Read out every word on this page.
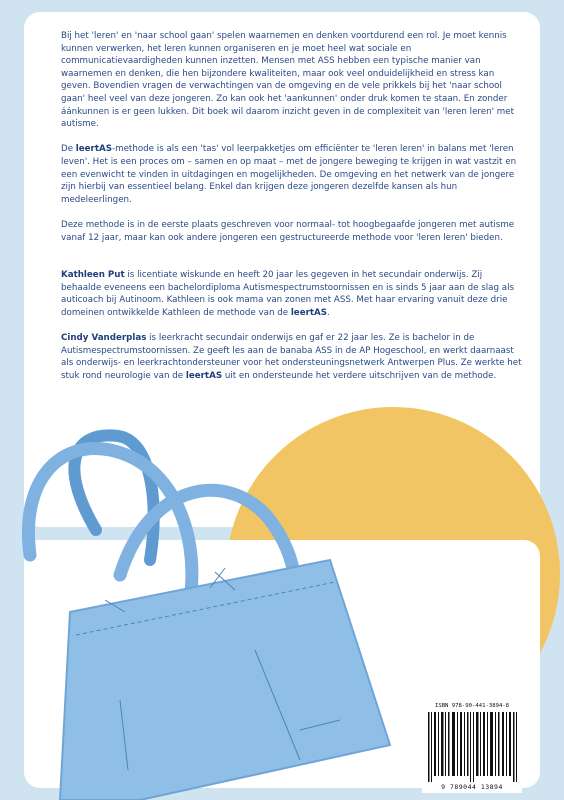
Bij het 'leren' en 'naar school gaan' spelen waarnemen en denken voortdurend een rol. Je moet kennis kunnen verwerken, het leren kunnen organiseren en je moet heel wat sociale en communicatievaardigheden kunnen inzetten. Mensen met ASS hebben een typische manier van waarnemen en denken, die hen bijzondere kwaliteiten, maar ook veel onduidelijkheid en stress kan geven. Bovendien vragen de verwachtingen van de omgeving en de vele prikkels bij het 'naar school gaan' heel veel van deze jongeren. Zo kan ook het 'aankunnen' onder druk komen te staan. En zonder áánkunnen is er geen lukken. Dit boek wil daarom inzicht geven in de complexiteit van 'leren leren' met autisme.

De leertAS-methode is als een 'tas' vol leerpakketjes om efficiënter te 'leren leren' in balans met 'leren leven'. Het is een proces om – samen en op maat – met de jongere beweging te krijgen in wat vastzit en een evenwicht te vinden in uitdagingen en mogelijkheden. De omgeving en het netwerk van de jongere zijn hierbij van essentieel belang. Enkel dan krijgen deze jongeren dezelfde kansen als hun medeleerlingen.

Deze methode is in de eerste plaats geschreven voor normaal- tot hoogbegaafde jongeren met autisme vanaf 12 jaar, maar kan ook andere jongeren een gestructureerde methode voor 'leren leren' bieden.

Kathleen Put is licentiate wiskunde en heeft 20 jaar les gegeven in het secundair onderwijs. Zij behaalde eveneens een bachelordiploma Autismespectrumstoornissen en is sinds 5 jaar aan de slag als auticoach bij Autinoom. Kathleen is ook mama van zonen met ASS. Met haar ervaring vanuit deze drie domeinen ontwikkelde Kathleen de methode van de leertAS.

Cindy Vanderplas is leerkracht secundair onderwijs en gaf er 22 jaar les. Ze is bachelor in de Autismespectrumstoornissen. Ze geeft les aan de banaba ASS in de AP Hogeschool, en werkt daarnaast als onderwijs- en leerkrachtondersteuner voor het ondersteuningsnetwerk Antwerpen Plus. Ze werkte het stuk rond neurologie van de leertAS uit en ondersteunde het verdere uitschrijven van de methode.

ISBN 978-90-441-3894-8
9 789044 13894
